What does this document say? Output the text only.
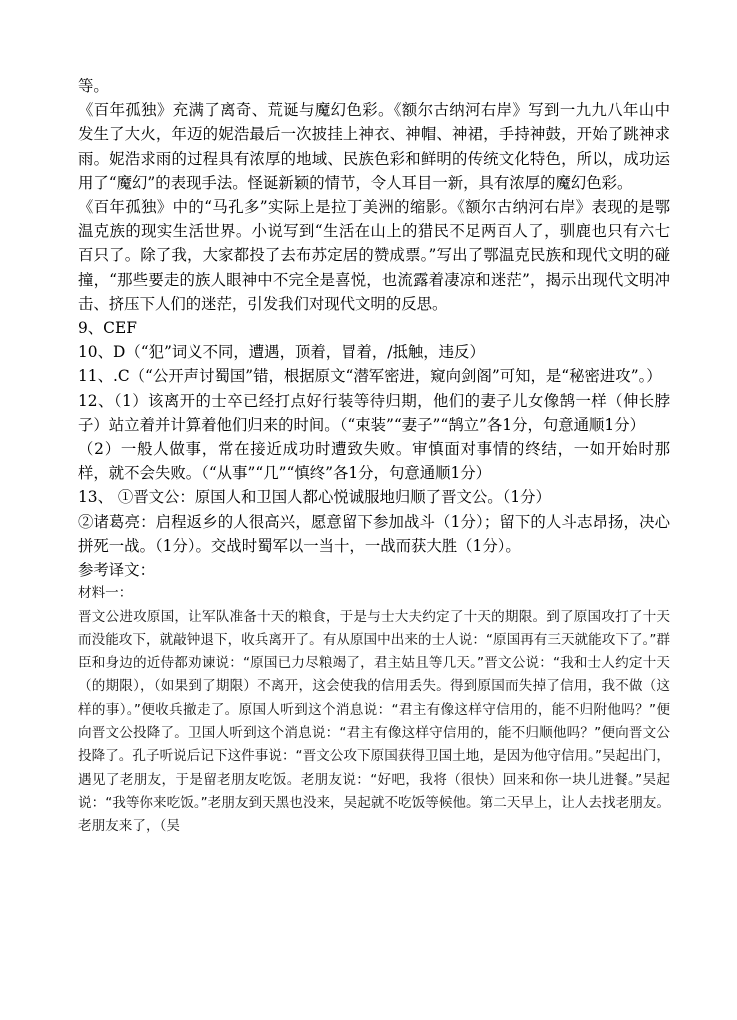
等。

《百年孤独》充满了离奇、荒诞与魔幻色彩。《额尔古纳河右岸》写到一九九八年山中发生了大火，年迈的妮浩最后一次披挂上神衣、神帽、神裙，手持神鼓，开始了跳神求雨。妮浩求雨的过程具有浓厚的地域、民族色彩和鲜明的传统文化特色，所以，成功运用了“魔幻”的表现手法。怪诞新颖的情节，令人耳目一新，具有浓厚的魔幻色彩。

《百年孤独》中的“马孔多”实际上是拉丁美洲的缩影。《额尔古纳河右岸》表现的是鄂温克族的现实生活世界。小说写到“生活在山上的猎民不足两百人了，驯鹿也只有六七百只了。除了我，大家都投了去布苏定居的赞成票。”写出了鄂温克民族和现代文明的碰撞，“那些要走的族人眼神中不完全是喜悦，也流露着凄凉和迷茫”，揭示出现代文明冲击、挤压下人们的迷茫，引发我们对现代文明的反思。

9、CEF

10、D（“犯”词义不同，遭遇，顶着，冒着，/抵触，违反）

11、.C（“公开声讨蜀国”错，根据原文“潜军密进，窥向剑阁”可知，是“秘密进攻”。）

12、（1）该离开的士卒已经打点好行装等待归期，他们的妻子儿女像鹄一样（伸长脖子）站立着并计算着他们归来的时间。（“束装”“妻子”“鹄立”各1分，句意通顺1分）

（2）一般人做事，常在接近成功时遭致失败。审慎面对事情的终结，一如开始时那样，就不会失败。（“从事”“几”“慎终”各1分，句意通顺1分）

13、 ①晋文公：原国人和卫国人都心悦诚服地归顺了晋文公。（1分）

②诸葛亮：启程返乡的人很高兴，愿意留下参加战斗（1分）；留下的人斗志昂扬，决心拼死一战。（1分）。交战时蜀军以一当十，一战而获大胜（1分）。

参考译文：

材料一：

晋文公进攻原国，让军队准备十天的粮食，于是与士大夫约定了十天的期限。到了原国攻打了十天而没能攻下，就敲钟退下，收兵离开了。有从原国中出来的士人说：“原国再有三天就能攻下了。”群臣和身边的近侍都劝谏说：“原国已力尽粮竭了，君主姑且等几天。”晋文公说：“我和士人约定十天（的期限），（如果到了期限）不离开，这会使我的信用丢失。得到原国而失掉了信用，我不做（这样的事）。”便收兵撤走了。原国人听到这个消息说：“君主有像这样守信用的，能不归附他吗？”便向晋文公投降了。卫国人听到这个消息说：“君主有像这样守信用的，能不归顺他吗？”便向晋文公投降了。孔子听说后记下这件事说：“晋文公攻下原国获得卫国土地，是因为他守信用。”吴起出门，遇见了老朋友，于是留老朋友吃饭。老朋友说：“好吧，我将（很快）回来和你一块儿进餐。”吴起说：“我等你来吃饭。”老朋友到天黑也没来，吴起就不吃饭等候他。第二天早上，让人去找老朋友。老朋友来了，（吴
